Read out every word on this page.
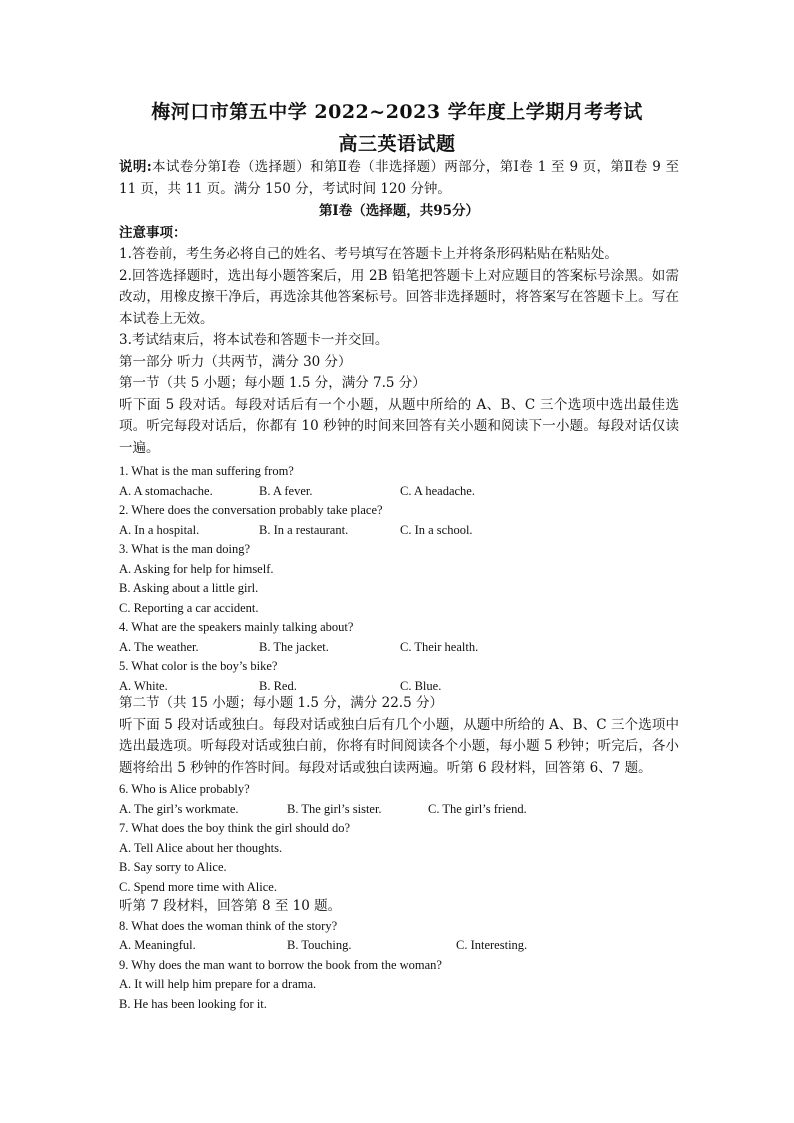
梅河口市第五中学 2022~2023 学年度上学期月考考试
高三英语试题
说明:本试卷分第Ⅰ卷（选择题）和第Ⅱ卷（非选择题）两部分，第Ⅰ卷 1 至 9 页，第Ⅱ卷 9 至 11 页，共 11 页。满分 150 分，考试时间 120 分钟。
第Ⅰ卷（选择题，共95分）
注意事项：
1.答卷前，考生务必将自己的姓名、考号填写在答题卡上并将条形码粘贴在粘贴处。
2.回答选择题时，选出每小题答案后，用 2B 铅笔把答题卡上对应题目的答案标号涂黑。如需改动，用橡皮擦干净后，再选涂其他答案标号。回答非选择题时，将答案写在答题卡上。写在本试卷上无效。
3.考试结束后，将本试卷和答题卡一并交回。
第一部分 听力（共两节，满分 30 分）
第一节（共 5 小题；每小题 1.5 分，满分 7.5 分）
听下面 5 段对话。每段对话后有一个小题，从题中所给的 A、B、C 三个选项中选出最佳选项。听完每段对话后，你都有 10 秒钟的时间来回答有关小题和阅读下一小题。每段对话仅读一遍。
1. What is the man suffering from?
A. A stomachache.	B. A fever.	C. A headache.
2. Where does the conversation probably take place?
A. In a hospital.	B. In a restaurant.	C. In a school.
3. What is the man doing?
A. Asking for help for himself.
B. Asking about a little girl.
C. Reporting a car accident.
4. What are the speakers mainly talking about?
A. The weather.	B. The jacket.	C. Their health.
5. What color is the boy’s bike?
A. White.	B. Red.	C. Blue.
第二节（共 15 小题；每小题 1.5 分，满分 22.5 分）
听下面 5 段对话或独白。每段对话或独白后有几个小题，从题中所给的 A、B、C 三个选项中选出最选项。听每段对话或独白前，你将有时间阅读各个小题，每小题 5 秒钟；听完后，各小题将给出 5 秒钟的作答时间。每段对话或独白读两遍。听第 6 段材料，回答第 6、7 题。
6. Who is Alice probably?
A. The girl’s workmate.	B. The girl’s sister.	C. The girl’s friend.
7. What does the boy think the girl should do?
A. Tell Alice about her thoughts.
B. Say sorry to Alice.
C. Spend more time with Alice.
听第 7 段材料，回答第 8 至 10 题。
8. What does the woman think of the story?
A. Meaningful.	B. Touching.	C. Interesting.
9. Why does the man want to borrow the book from the woman?
A. It will help him prepare for a drama.
B. He has been looking for it.
